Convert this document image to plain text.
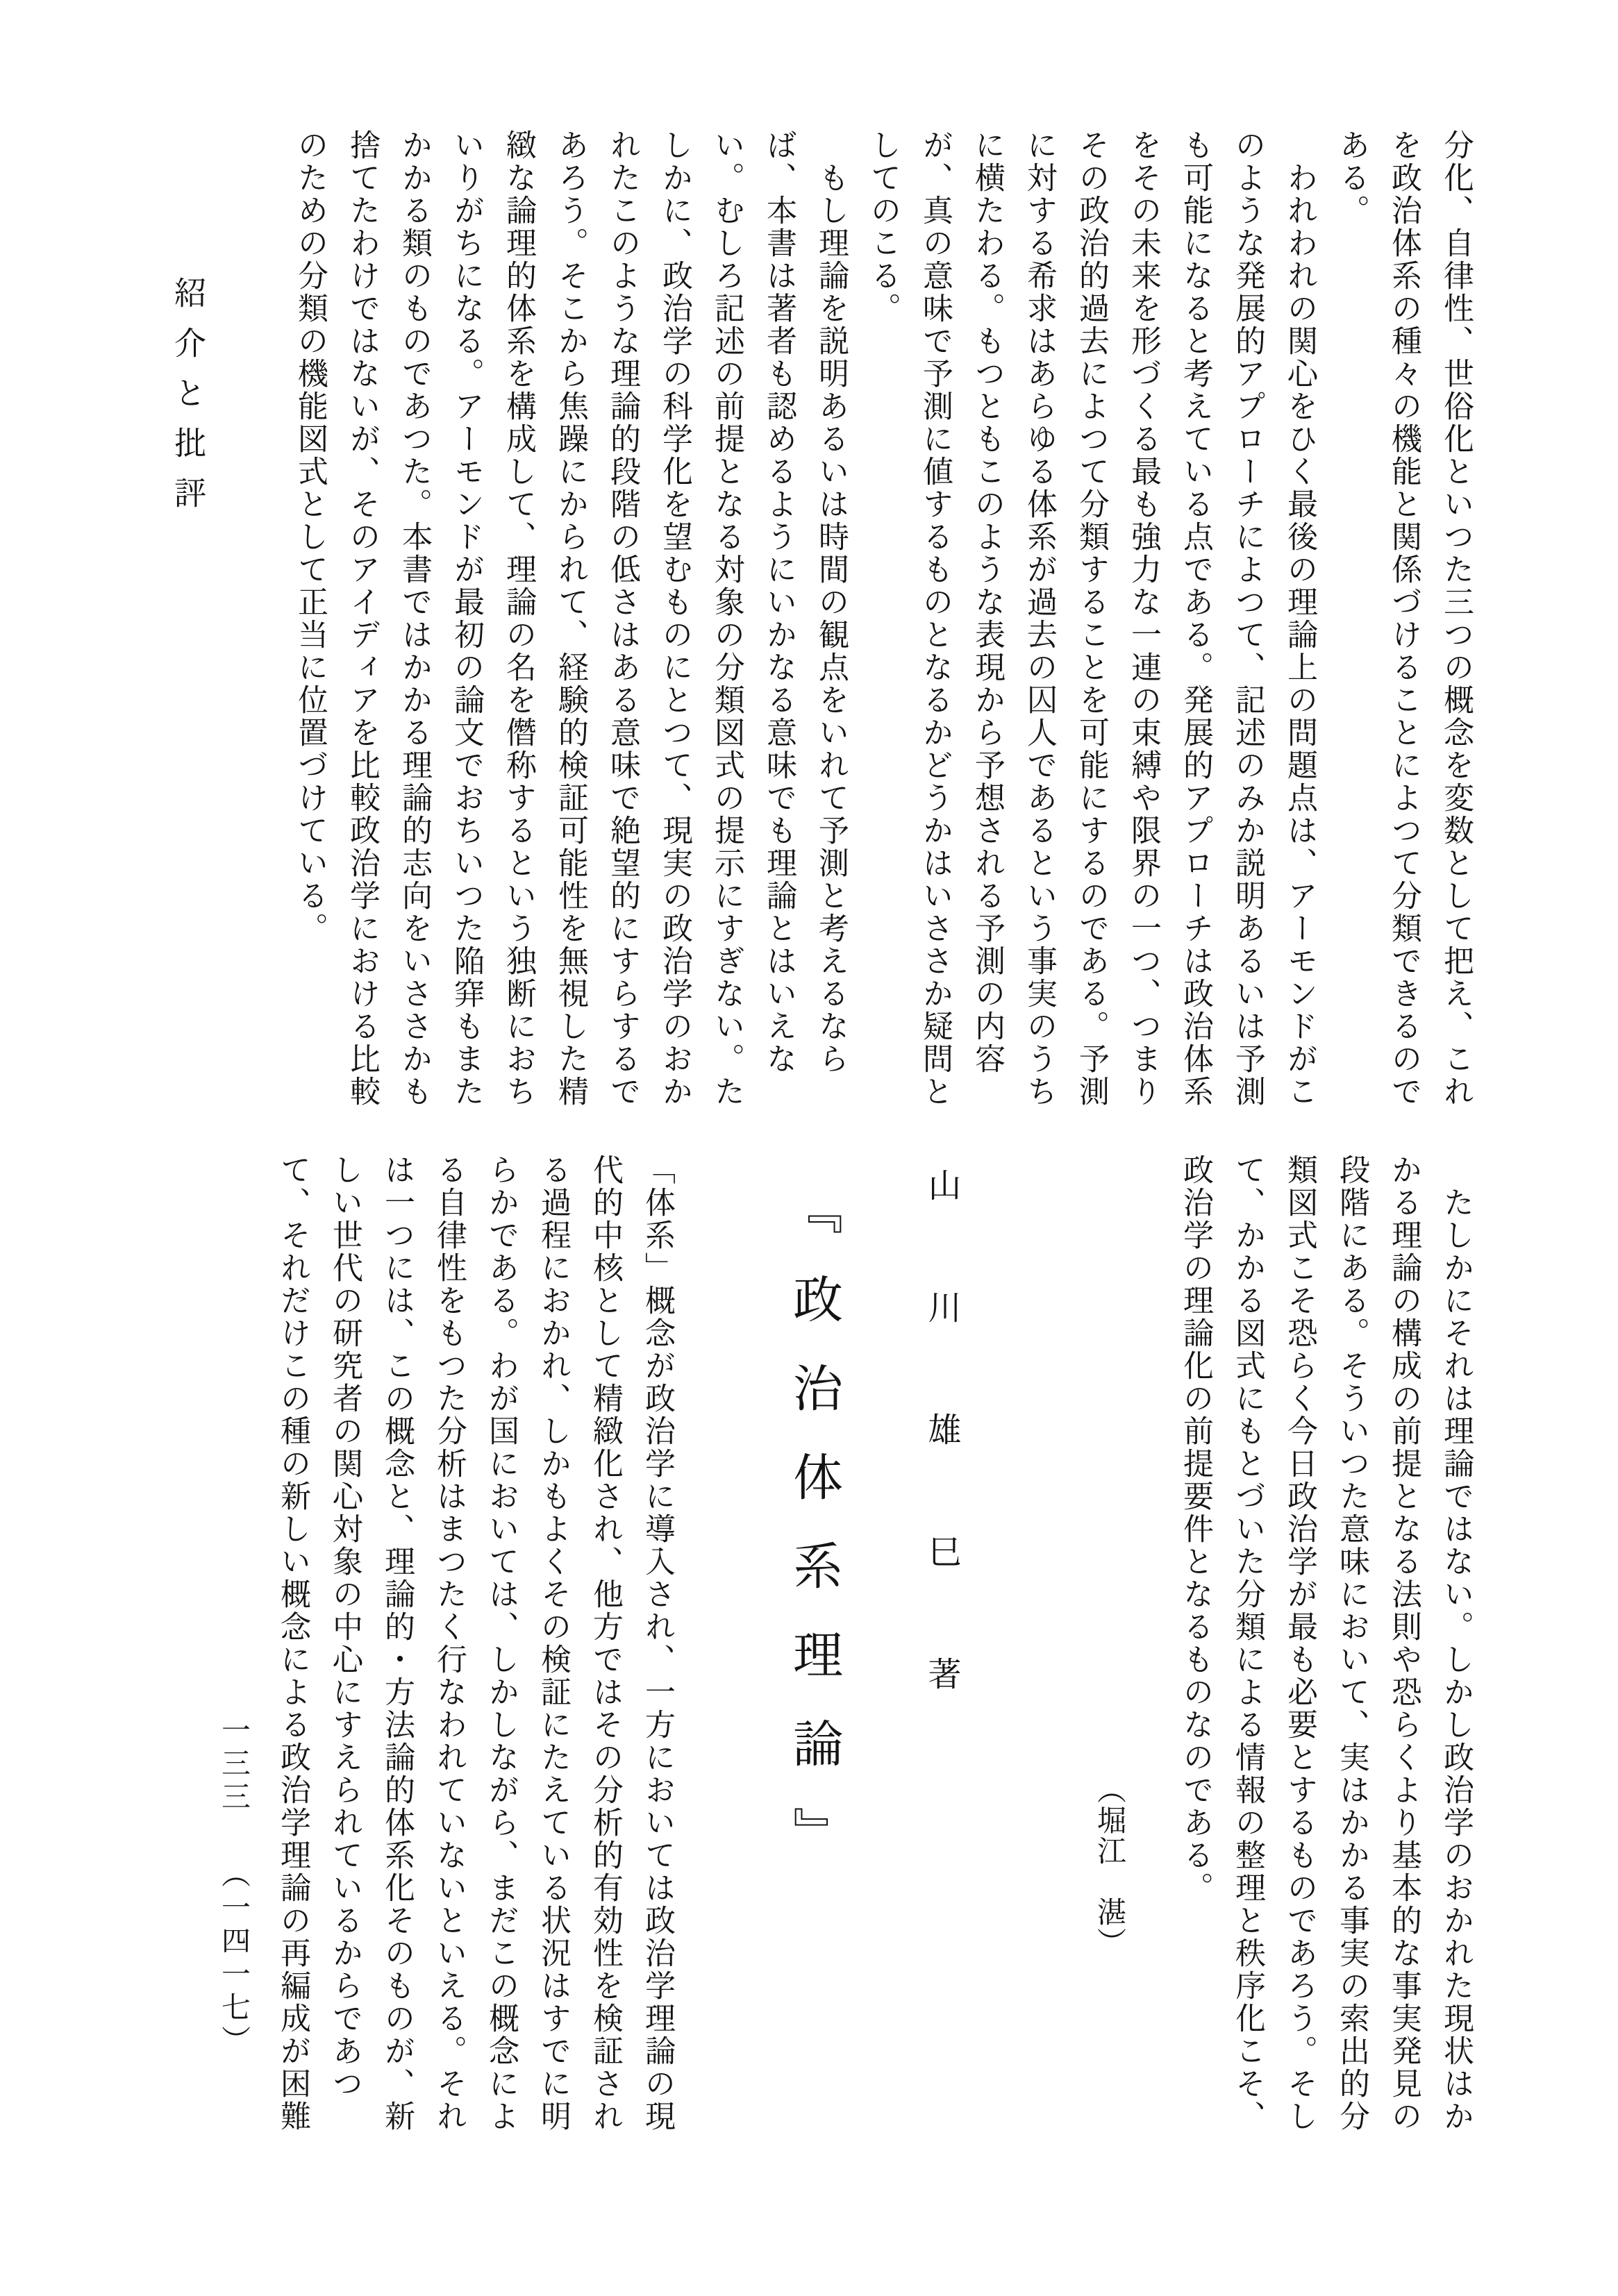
分化、自律性、世俗化といつた三つの概念を変数として把え、これ
を政治体系の種々の機能と関係づけることによつて分類できるので
ある。
　われわれの関心をひく最後の理論上の問題点は、アーモンドがこ
のような発展的アプローチによつて、記述のみか説明あるいは予測
も可能になると考えている点である。発展的アプローチは政治体系
をその未来を形づくる最も強力な一連の束縛や限界の一つ、つまり
その政治的過去によつて分類することを可能にするのである。予測
に対する希求はあらゆる体系が過去の囚人であるという事実のうち
に横たわる。もつともこのような表現から予想される予測の内容
が、真の意味で予測に値するものとなるかどうかはいささか疑問と
してのこる。
　もし理論を説明あるいは時間の観点をいれて予測と考えるなら
ば、本書は著者も認めるようにいかなる意味でも理論とはいえな
い。むしろ記述の前提となる対象の分類図式の提示にすぎない。た
しかに、政治学の科学化を望むものにとつて、現実の政治学のおか
れたこのような理論的段階の低さはある意味で絶望的にすらするで
あろう。そこから焦躁にかられて、経験的検証可能性を無視した精
緻な論理的体系を構成して、理論の名を僭称するという独断におち
いりがちになる。アーモンドが最初の論文でおちいつた陥穽もまた
かかる類のものであつた。本書ではかかる理論的志向をいささかも
捨てたわけではないが、そのアイディアを比較政治学における比較
のための分類の機能図式として正当に位置づけている。
紹介と批評
　たしかにそれは理論ではない。しかし政治学のおかれた現状はか
かる理論の構成の前提となる法則や恐らくより基本的な事実発見の
段階にある。そういつた意味において、実はかかる事実の索出的分
類図式こそ恐らく今日政治学が最も必要とするものであろう。そし
て、かかる図式にもとづいた分類による情報の整理と秩序化こそ、
政治学の理論化の前提要件となるものなのである。
（堀江　湛）
山川雄巳著
『政治体系理論』
「体系」概念が政治学に導入され、一方においては政治学理論の現
代的中核として精緻化され、他方ではその分析的有効性を検証され
る過程におかれ、しかもよくその検証にたえている状況はすでに明
らかである。わが国においては、しかしながら、まだこの概念によ
る自律性をもつた分析はまつたく行なわれていないといえる。それ
は一つには、この概念と、理論的・方法論的体系化そのものが、新
しい世代の研究者の関心対象の中心にすえられているからであつ
て、それだけこの種の新しい概念による政治学理論の再編成が困難

一三三（一四一七）
